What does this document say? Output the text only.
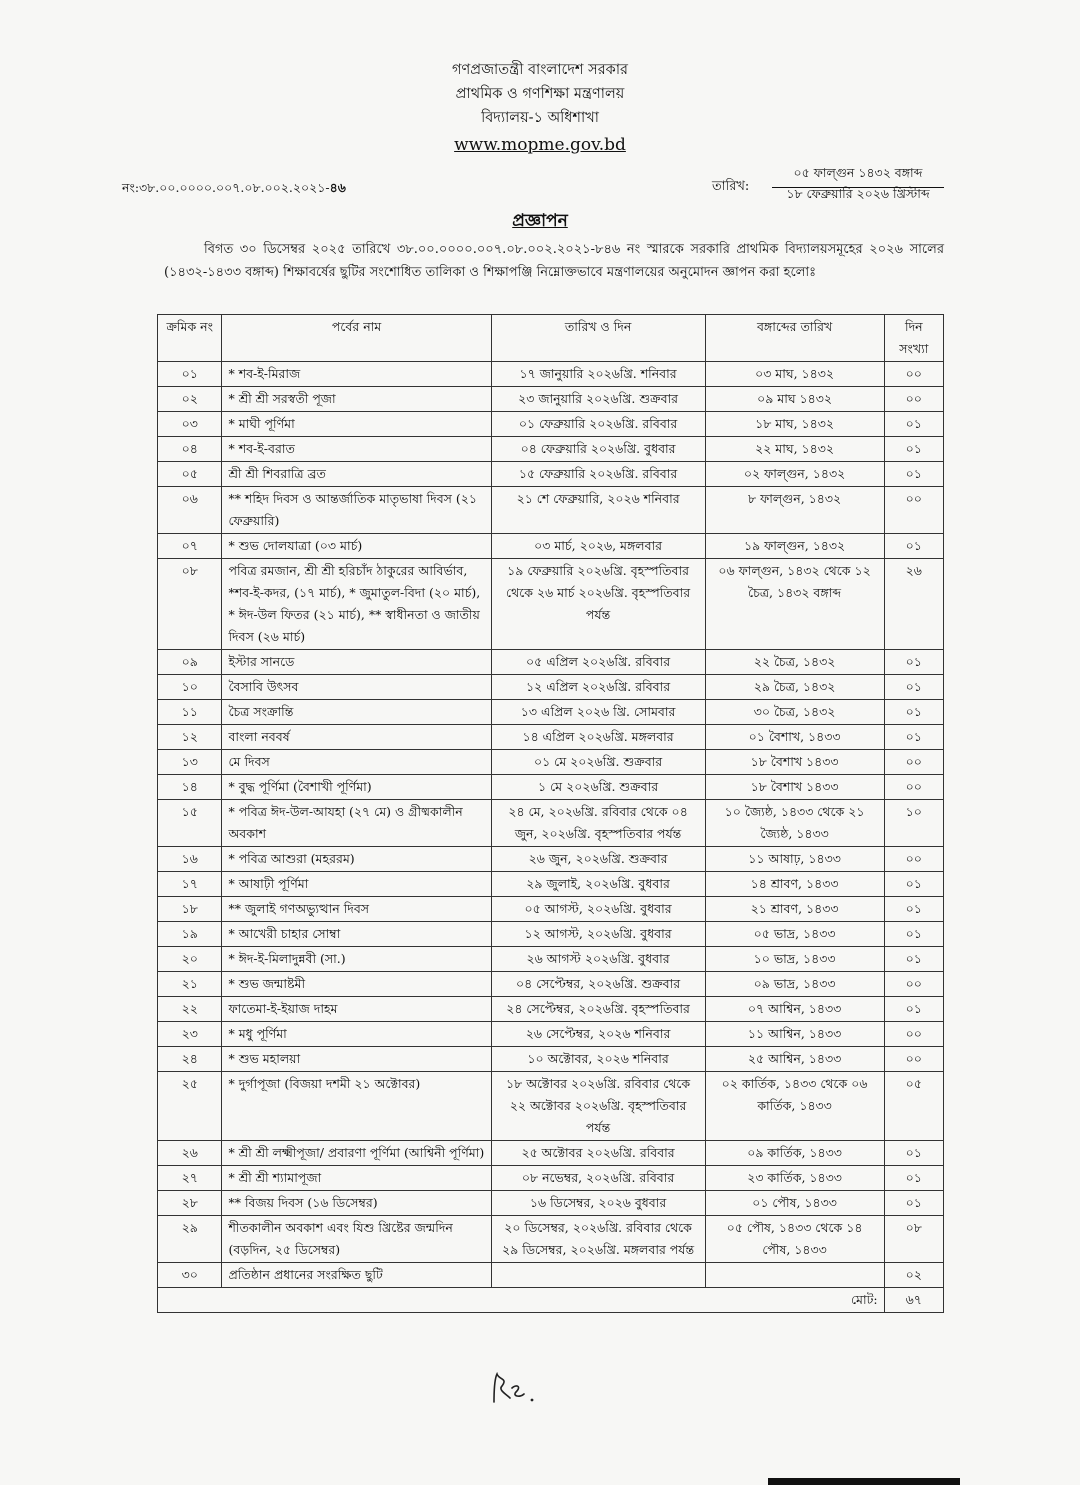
গণপ্রজাতন্ত্রী বাংলাদেশ সরকার
প্রাথমিক ও গণশিক্ষা মন্ত্রণালয়
বিদ্যালয়-১ অধিশাখা
www.mopme.gov.bd
নং:৩৮.০০.০০০০.০০৭.০৮.০০২.২০২১-৪৬	তারিখ:
০৫ ফাল্গুন ১৪৩২ বঙ্গাব্দ
১৮ ফেব্রুয়ারি ২০২৬ খ্রিস্টাব্দ
প্রজ্ঞাপন
বিগত ৩০ ডিসেম্বর ২০২৫ তারিখে ৩৮.০০.০০০০.০০৭.০৮.০০২.২০২১-৮৪৬ নং স্মারকে সরকারি প্রাথমিক বিদ্যালয়সমূহের ২০২৬ সালের (১৪৩২-১৪৩৩ বঙ্গাব্দ) শিক্ষাবর্ষের ছুটির সংশোধিত তালিকা ও শিক্ষাপঞ্জি নিম্নোক্তভাবে মন্ত্রণালয়ের অনুমোদন জ্ঞাপন করা হলোঃ
ক্রমিক নং	পর্বের নাম	তারিখ ও দিন	বঙ্গাব্দের তারিখ	দিন সংখ্যা
০১	* শব-ই-মিরাজ	১৭ জানুয়ারি ২০২৬খ্রি. শনিবার	০৩ মাঘ, ১৪৩২	০০
০২	* শ্রী শ্রী সরস্বতী পূজা	২৩ জানুয়ারি ২০২৬খ্রি. শুক্রবার	০৯ মাঘ ১৪৩২	০০
০৩	* মাঘী পূর্ণিমা	০১ ফেব্রুয়ারি ২০২৬খ্রি. রবিবার	১৮ মাঘ, ১৪৩২	০১
০৪	* শব-ই-বরাত	০৪ ফেব্রুয়ারি ২০২৬খ্রি. বুধবার	২২ মাঘ, ১৪৩২	০১
০৫	শ্রী শ্রী শিবরাত্রি ব্রত	১৫ ফেব্রুয়ারি ২০২৬খ্রি. রবিবার	০২ ফাল্গুন, ১৪৩২	০১
০৬	** শহিদ দিবস ও আন্তর্জাতিক মাতৃভাষা দিবস (২১ ফেব্রুয়ারি)	২১ শে ফেব্রুয়ারি, ২০২৬ শনিবার	৮ ফাল্গুন, ১৪৩২	০০
০৭	* শুভ দোলযাত্রা (০৩ মার্চ)	০৩ মার্চ, ২০২৬, মঙ্গলবার	১৯ ফাল্গুন, ১৪৩২	০১
০৮	পবিত্র রমজান, শ্রী শ্রী হরিচাঁদ ঠাকুরের আবির্ভাব, *শব-ই-কদর, (১৭ মার্চ), * জুমাতুল-বিদা (২০ মার্চ), * ঈদ-উল ফিতর (২১ মার্চ), ** স্বাধীনতা ও জাতীয় দিবস (২৬ মার্চ)	১৯ ফেব্রুয়ারি ২০২৬খ্রি. বৃহস্পতিবার থেকে ২৬ মার্চ ২০২৬খ্রি. বৃহস্পতিবার পর্যন্ত	০৬ ফাল্গুন, ১৪৩২ থেকে ১২ চৈত্র, ১৪৩২ বঙ্গাব্দ	২৬
০৯	ইস্টার সানডে	০৫ এপ্রিল ২০২৬খ্রি. রবিবার	২২ চৈত্র, ১৪৩২	০১
১০	বৈসাবি উৎসব	১২ এপ্রিল ২০২৬খ্রি. রবিবার	২৯ চৈত্র, ১৪৩২	০১
১১	চৈত্র সংক্রান্তি	১৩ এপ্রিল ২০২৬ খ্রি. সোমবার	৩০ চৈত্র, ১৪৩২	০১
১২	বাংলা নববর্ষ	১৪ এপ্রিল ২০২৬খ্রি. মঙ্গলবার	০১ বৈশাখ, ১৪৩৩	০১
১৩	মে দিবস	০১ মে ২০২৬খ্রি. শুক্রবার	১৮ বৈশাখ ১৪৩৩	০০
১৪	* বুদ্ধ পূর্ণিমা (বৈশাখী পূর্ণিমা)	১ মে ২০২৬খ্রি. শুক্রবার	১৮ বৈশাখ ১৪৩৩	০০
১৫	* পবিত্র ঈদ-উল-আযহা (২৭ মে) ও গ্রীষ্মকালীন অবকাশ	২৪ মে, ২০২৬খ্রি. রবিবার থেকে ০৪ জুন, ২০২৬খ্রি. বৃহস্পতিবার পর্যন্ত	১০ জ্যৈষ্ঠ, ১৪৩৩ থেকে ২১ জ্যৈষ্ঠ, ১৪৩৩	১০
১৬	* পবিত্র আশুরা (মহররম)	২৬ জুন, ২০২৬খ্রি. শুক্রবার	১১ আষাঢ়, ১৪৩৩	০০
১৭	* আষাঢ়ী পূর্ণিমা	২৯ জুলাই, ২০২৬খ্রি. বুধবার	১৪ শ্রাবণ, ১৪৩৩	০১
১৮	** জুলাই গণঅভ্যুত্থান দিবস	০৫ আগস্ট, ২০২৬খ্রি. বুধবার	২১ শ্রাবণ, ১৪৩৩	০১
১৯	* আখেরী চাহার সোম্বা	১২ আগস্ট, ২০২৬খ্রি. বুধবার	০৫ ভাদ্র, ১৪৩৩	০১
২০	* ঈদ-ই-মিলাদুন্নবী (সা.)	২৬ আগস্ট ২০২৬খ্রি. বুধবার	১০ ভাদ্র, ১৪৩৩	০১
২১	* শুভ জন্মাষ্টমী	০৪ সেপ্টেম্বর, ২০২৬খ্রি. শুক্রবার	০৯ ভাদ্র, ১৪৩৩	০০
২২	ফাতেমা-ই-ইয়াজ দাহম	২৪ সেপ্টেম্বর, ২০২৬খ্রি. বৃহস্পতিবার	০৭ আশ্বিন, ১৪৩৩	০১
২৩	* মধু পূর্ণিমা	২৬ সেপ্টেম্বর, ২০২৬ শনিবার	১১ আশ্বিন, ১৪৩৩	০০
২৪	* শুভ মহালয়া	১০ অক্টোবর, ২০২৬ শনিবার	২৫ আশ্বিন, ১৪৩৩	০০
২৫	* দুর্গাপূজা (বিজয়া দশমী ২১ অক্টোবর)	১৮ অক্টোবর ২০২৬খ্রি. রবিবার থেকে ২২ অক্টোবর ২০২৬খ্রি. বৃহস্পতিবার পর্যন্ত	০২ কার্তিক, ১৪৩৩ থেকে ০৬ কার্তিক, ১৪৩৩	০৫
২৬	* শ্রী শ্রী লক্ষ্মীপূজা/ প্রবারণা পূর্ণিমা (আশ্বিনী পূর্ণিমা)	২৫ অক্টোবর ২০২৬খ্রি. রবিবার	০৯ কার্তিক, ১৪৩৩	০১
২৭	* শ্রী শ্রী শ্যামাপূজা	০৮ নভেম্বর, ২০২৬খ্রি. রবিবার	২৩ কার্তিক, ১৪৩৩	০১
২৮	** বিজয় দিবস (১৬ ডিসেম্বর)	১৬ ডিসেম্বর, ২০২৬ বুধবার	০১ পৌষ, ১৪৩৩	০১
২৯	শীতকালীন অবকাশ এবং যিশু খ্রিষ্টের জন্মদিন (বড়দিন, ২৫ ডিসেম্বর)	২০ ডিসেম্বর, ২০২৬খ্রি. রবিবার থেকে ২৯ ডিসেম্বর, ২০২৬খ্রি. মঙ্গলবার পর্যন্ত	০৫ পৌষ, ১৪৩৩ থেকে ১৪ পৌষ, ১৪৩৩	০৮
৩০	প্রতিষ্ঠান প্রধানের সংরক্ষিত ছুটি			০২
মোট:				৬৭
